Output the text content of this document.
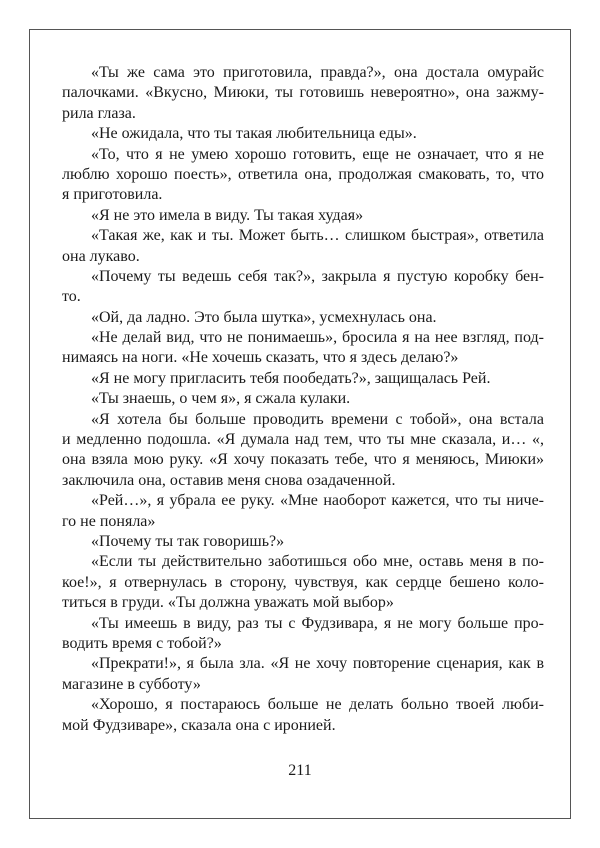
«Ты же сама это приготовила, правда?», она достала омурайс
палочками. «Вкусно, Миюки, ты готовишь невероятно», она зажму-
рила глаза.
«Не ожидала, что ты такая любительница еды».
«То, что я не умею хорошо готовить, еще не означает, что я не
люблю хорошо поесть», ответила она, продолжая смаковать, то, что
я приготовила.
«Я не это имела в виду. Ты такая худая»
«Такая же, как и ты. Может быть… слишком быстрая», ответила
она лукаво.
«Почему ты ведешь себя так?», закрыла я пустую коробку бен-
то.
«Ой, да ладно. Это была шутка», усмехнулась она.
«Не делай вид, что не понимаешь», бросила я на нее взгляд, под-
нимаясь на ноги. «Не хочешь сказать, что я здесь делаю?»
«Я не могу пригласить тебя пообедать?», защищалась Рей.
«Ты знаешь, о чем я», я сжала кулаки.
«Я хотела бы больше проводить времени с тобой», она встала
и медленно подошла. «Я думала над тем, что ты мне сказала, и… «,
она взяла мою руку. «Я хочу показать тебе, что я меняюсь, Миюки»
заключила она, оставив меня снова озадаченной.
«Рей…», я убрала ее руку. «Мне наоборот кажется, что ты ниче-
го не поняла»
«Почему ты так говоришь?»
«Если ты действительно заботишься обо мне, оставь меня в по-
кое!», я отвернулась в сторону, чувствуя, как сердце бешено коло-
титься в груди. «Ты должна уважать мой выбор»
«Ты имеешь в виду, раз ты с Фудзивара, я не могу больше про-
водить время с тобой?»
«Прекрати!», я была зла. «Я не хочу повторение сценария, как в
магазине в субботу»
«Хорошо, я постараюсь больше не делать больно твоей люби-
мой Фудзиваре», сказала она с иронией.
211
